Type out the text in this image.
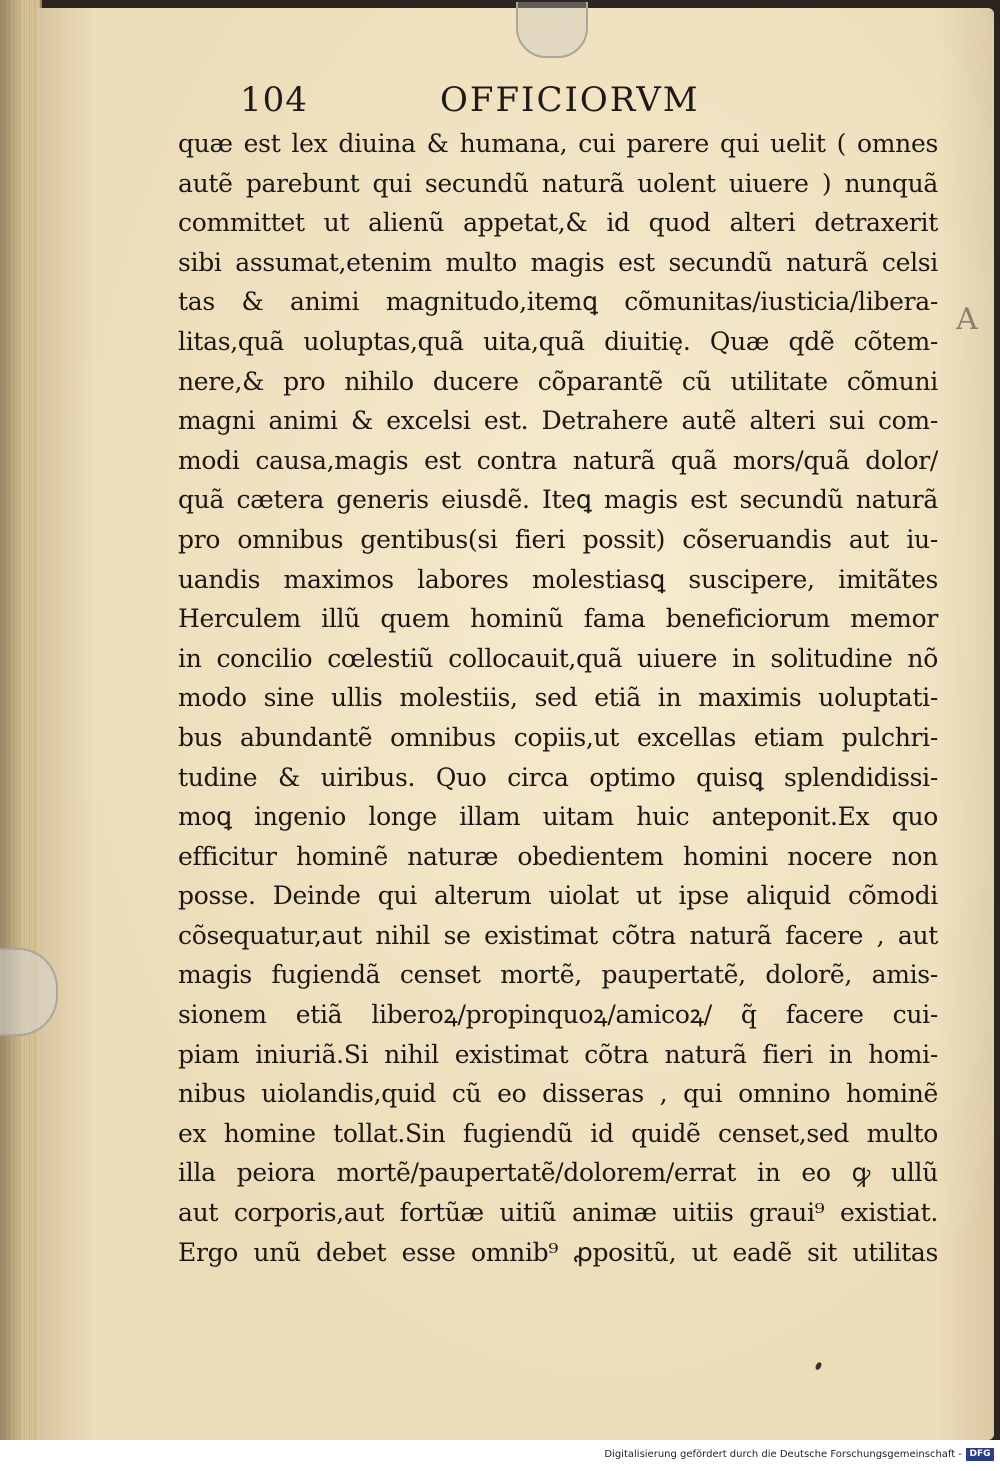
104	OFFICIORVM
quæ est lex diuina & humana, cui parere qui uelit ( omnes
autẽ parebunt qui secundũ naturã uolent uiuere ) nunquã
committet ut alienũ appetat,& id quod alteri detraxerit
sibi assumat,etenim multo magis est secundũ naturã celsi
tas & animi magnitudo,itemꝗ cõmunitas/iusticia/libera-
litas,quã uoluptas,quã uita,quã diuitię. Quæ qdẽ cõtem-
nere,& pro nihilo ducere cõparantẽ cũ utilitate cõmuni
magni animi & excelsi est. Detrahere autẽ alteri sui com-
modi causa,magis est contra naturã quã mors/quã dolor/
quã cætera generis eiusdẽ. Iteꝗ magis est secundũ naturã
pro omnibus gentibus(si fieri possit) cõseruandis aut iu-
uandis maximos labores molestiasꝗ suscipere, imitãtes
Herculem illũ quem hominũ fama beneficiorum memor
in concilio cœlestiũ collocauit,quã uiuere in solitudine nõ
modo sine ullis molestiis, sed etiã in maximis uoluptati-
bus abundantẽ omnibus copiis,ut excellas etiam pulchri-
tudine & uiribus. Quo circa optimo quisꝗ splendidissi-
moꝗ ingenio longe illam uitam huic anteponit.Ex quo
efficitur hominẽ naturæ obedientem homini nocere non
posse. Deinde qui alterum uiolat ut ipse aliquid cõmodi
cõsequatur,aut nihil se existimat cõtra naturã facere , aut
magis fugiendã censet mortẽ, paupertatẽ, dolorẽ, amis-
sionem etiã liberoꝝ/propinquoꝝ/amicoꝝ/ q̃ facere cui-
piam iniuriã.Si nihil existimat cõtra naturã fieri in homi-
nibus uiolandis,quid cũ eo disseras , qui omnino hominẽ
ex homine tollat.Sin fugiendũ id quidẽ censet,sed multo
illa peiora mortẽ/paupertatẽ/dolorem/errat in eo ꝙ ullũ
aut corporis,aut fortũæ uitiũ animæ uitiis graui⁹ existiat.
Ergo unũ debet esse omnib⁹ ꝓpositũ, ut eadẽ sit utilitas
A
Digitalisierung gefördert durch die Deutsche Forschungsgemeinschaft - DFG
